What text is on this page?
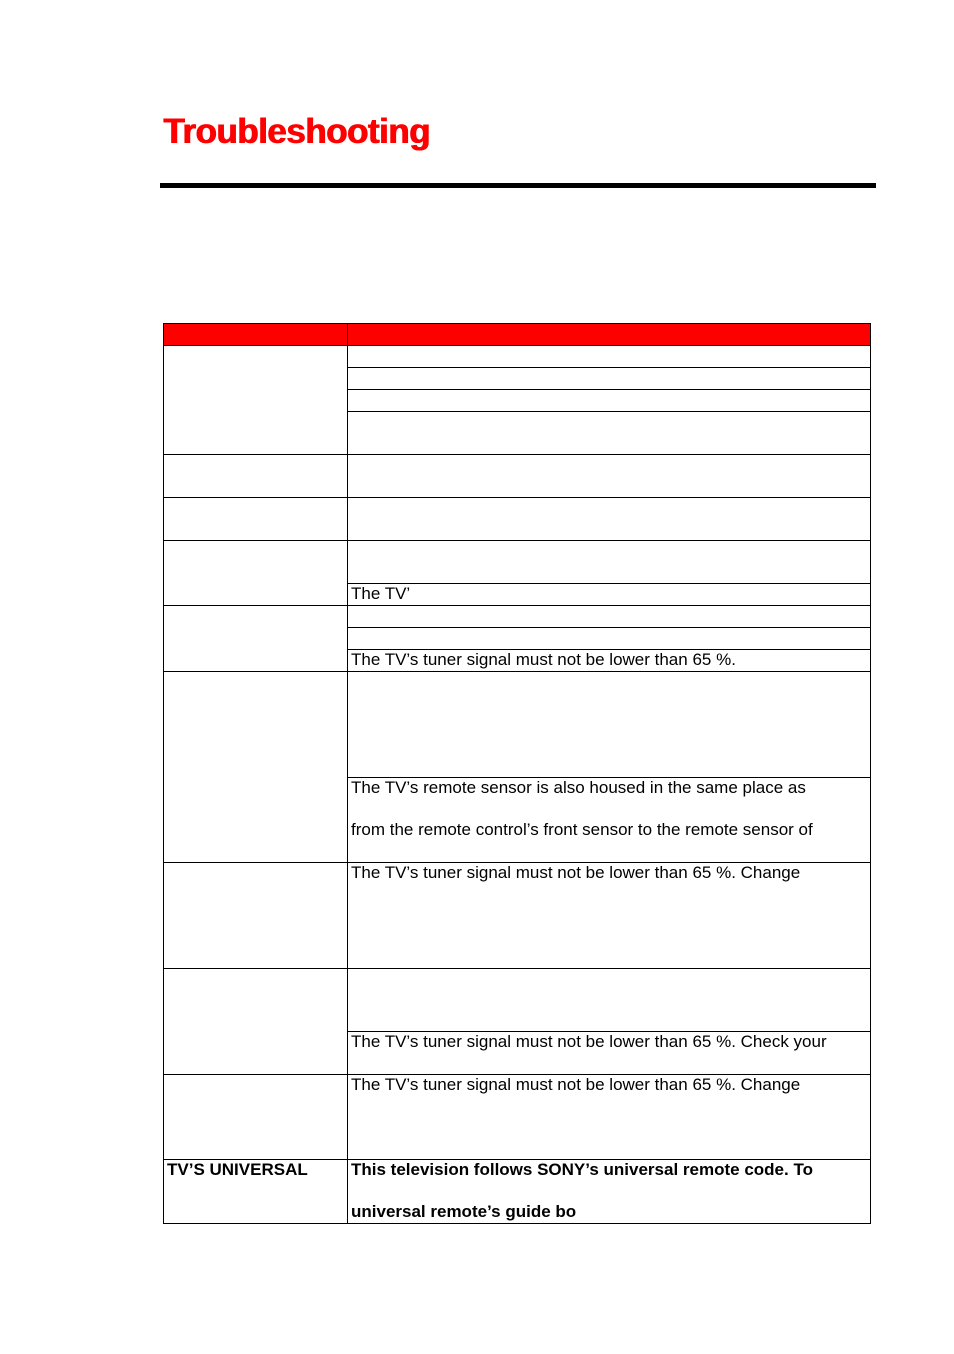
Troubleshooting

	The TV’

	The TV’s tuner signal must not be lower than 65 %.

	The TV’s remote sensor is also housed in the same place as
from the remote control’s front sensor to the remote sensor of

	The TV’s tuner signal must not be lower than 65 %. Change

	The TV’s tuner signal must not be lower than 65 %. Check your
	The TV’s tuner signal must not be lower than 65 %. Change
TV’S UNIVERSAL	This television follows SONY’s universal remote code. To
universal remote’s guide bo
